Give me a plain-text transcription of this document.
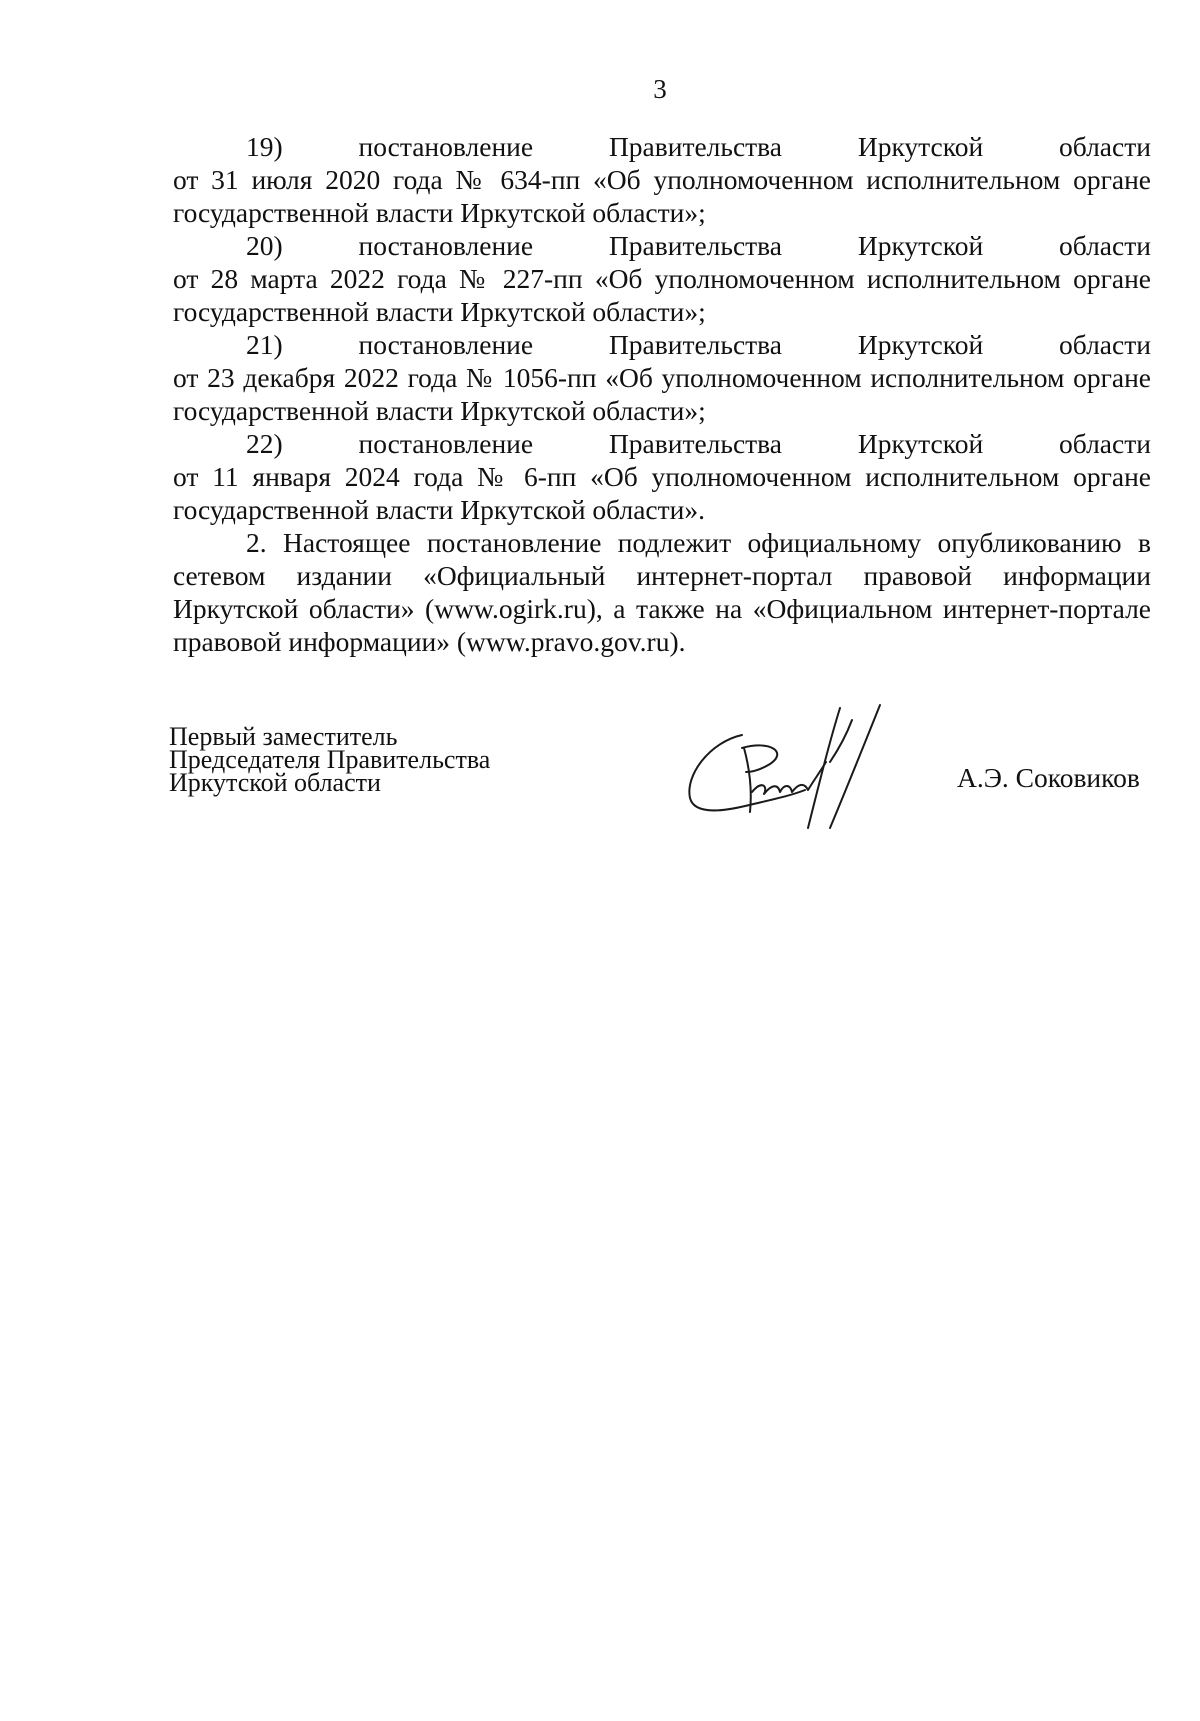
3
19)	постановление	Правительства	Иркутской	области

от 31 июля 2020 года № 634-пп «Об уполномоченном исполнительном органе государственной власти Иркутской области»;

20)	постановление	Правительства	Иркутской	области

от 28 марта 2022 года № 227-пп «Об уполномоченном исполнительном органе государственной власти Иркутской области»;

21)	постановление	Правительства	Иркутской	области

от 23 декабря 2022 года № 1056-пп «Об уполномоченном исполнительном органе государственной власти Иркутской области»;

22)	постановление	Правительства	Иркутской	области

от 11 января 2024 года № 6-пп «Об уполномоченном исполнительном органе государственной власти Иркутской области».

2. Настоящее постановление подлежит официальному опубликованию в сетевом издании «Официальный интернет-портал правовой информации Иркутской области» (www.ogirk.ru), а также на «Официальном интернет-портале правовой информации» (www.pravo.gov.ru).

Первый заместитель
Председателя Правительства
Иркутской области	А.Э. Соковиков
